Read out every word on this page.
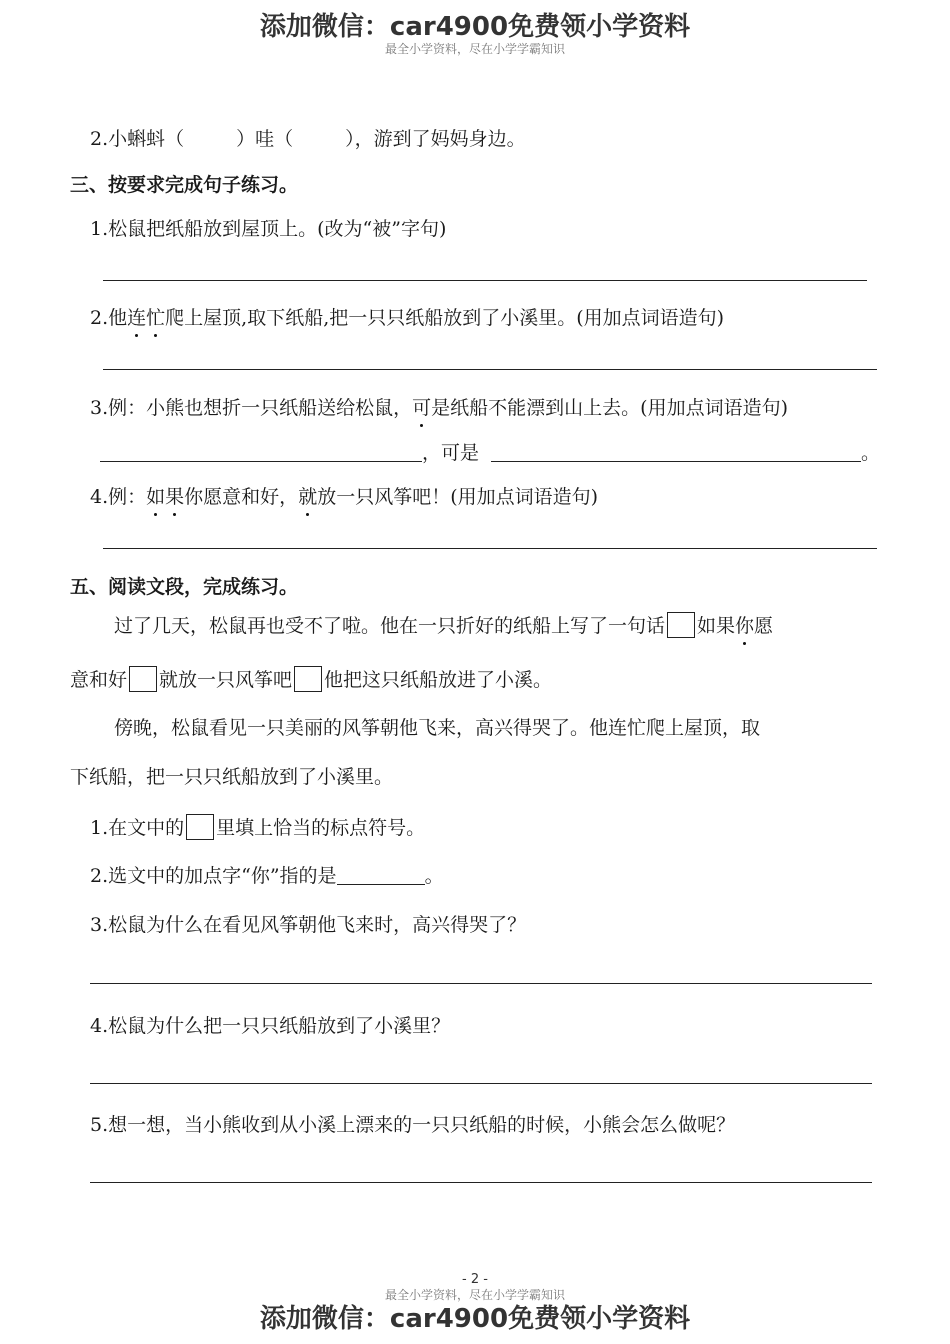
添加微信：car4900免费领小学资料
最全小学资料，尽在小学学霸知识
2.小蝌蚪（	）哇（	），游到了妈妈身边。
三、按要求完成句子练习。
1.松鼠把纸船放到屋顶上。(改为“被”字句)
2.他连忙爬上屋顶,取下纸船,把一只只纸船放到了小溪里。(用加点词语造句)
3.例：小熊也想折一只纸船送给松鼠，可是纸船不能漂到山上去。(用加点词语造句)
，可是	。
4.例：如果你愿意和好，就放一只风筝吧！(用加点词语造句)
五、阅读文段，完成练习。
过了几天，松鼠再也受不了啦。他在一只折好的纸船上写了一句话 如果你愿
意和好 就放一只风筝吧 他把这只纸船放进了小溪。
傍晚，松鼠看见一只美丽的风筝朝他飞来，高兴得哭了。他连忙爬上屋顶，取
下纸船，把一只只纸船放到了小溪里。
1.在文中的 里填上恰当的标点符号。
2.选文中的加点字“你”指的是	。
3.松鼠为什么在看见风筝朝他飞来时，高兴得哭了？
4.松鼠为什么把一只只纸船放到了小溪里？
5.想一想，当小熊收到从小溪上漂来的一只只纸船的时候，小熊会怎么做呢？
- 2 -
最全小学资料，尽在小学学霸知识
添加微信：car4900免费领小学资料
